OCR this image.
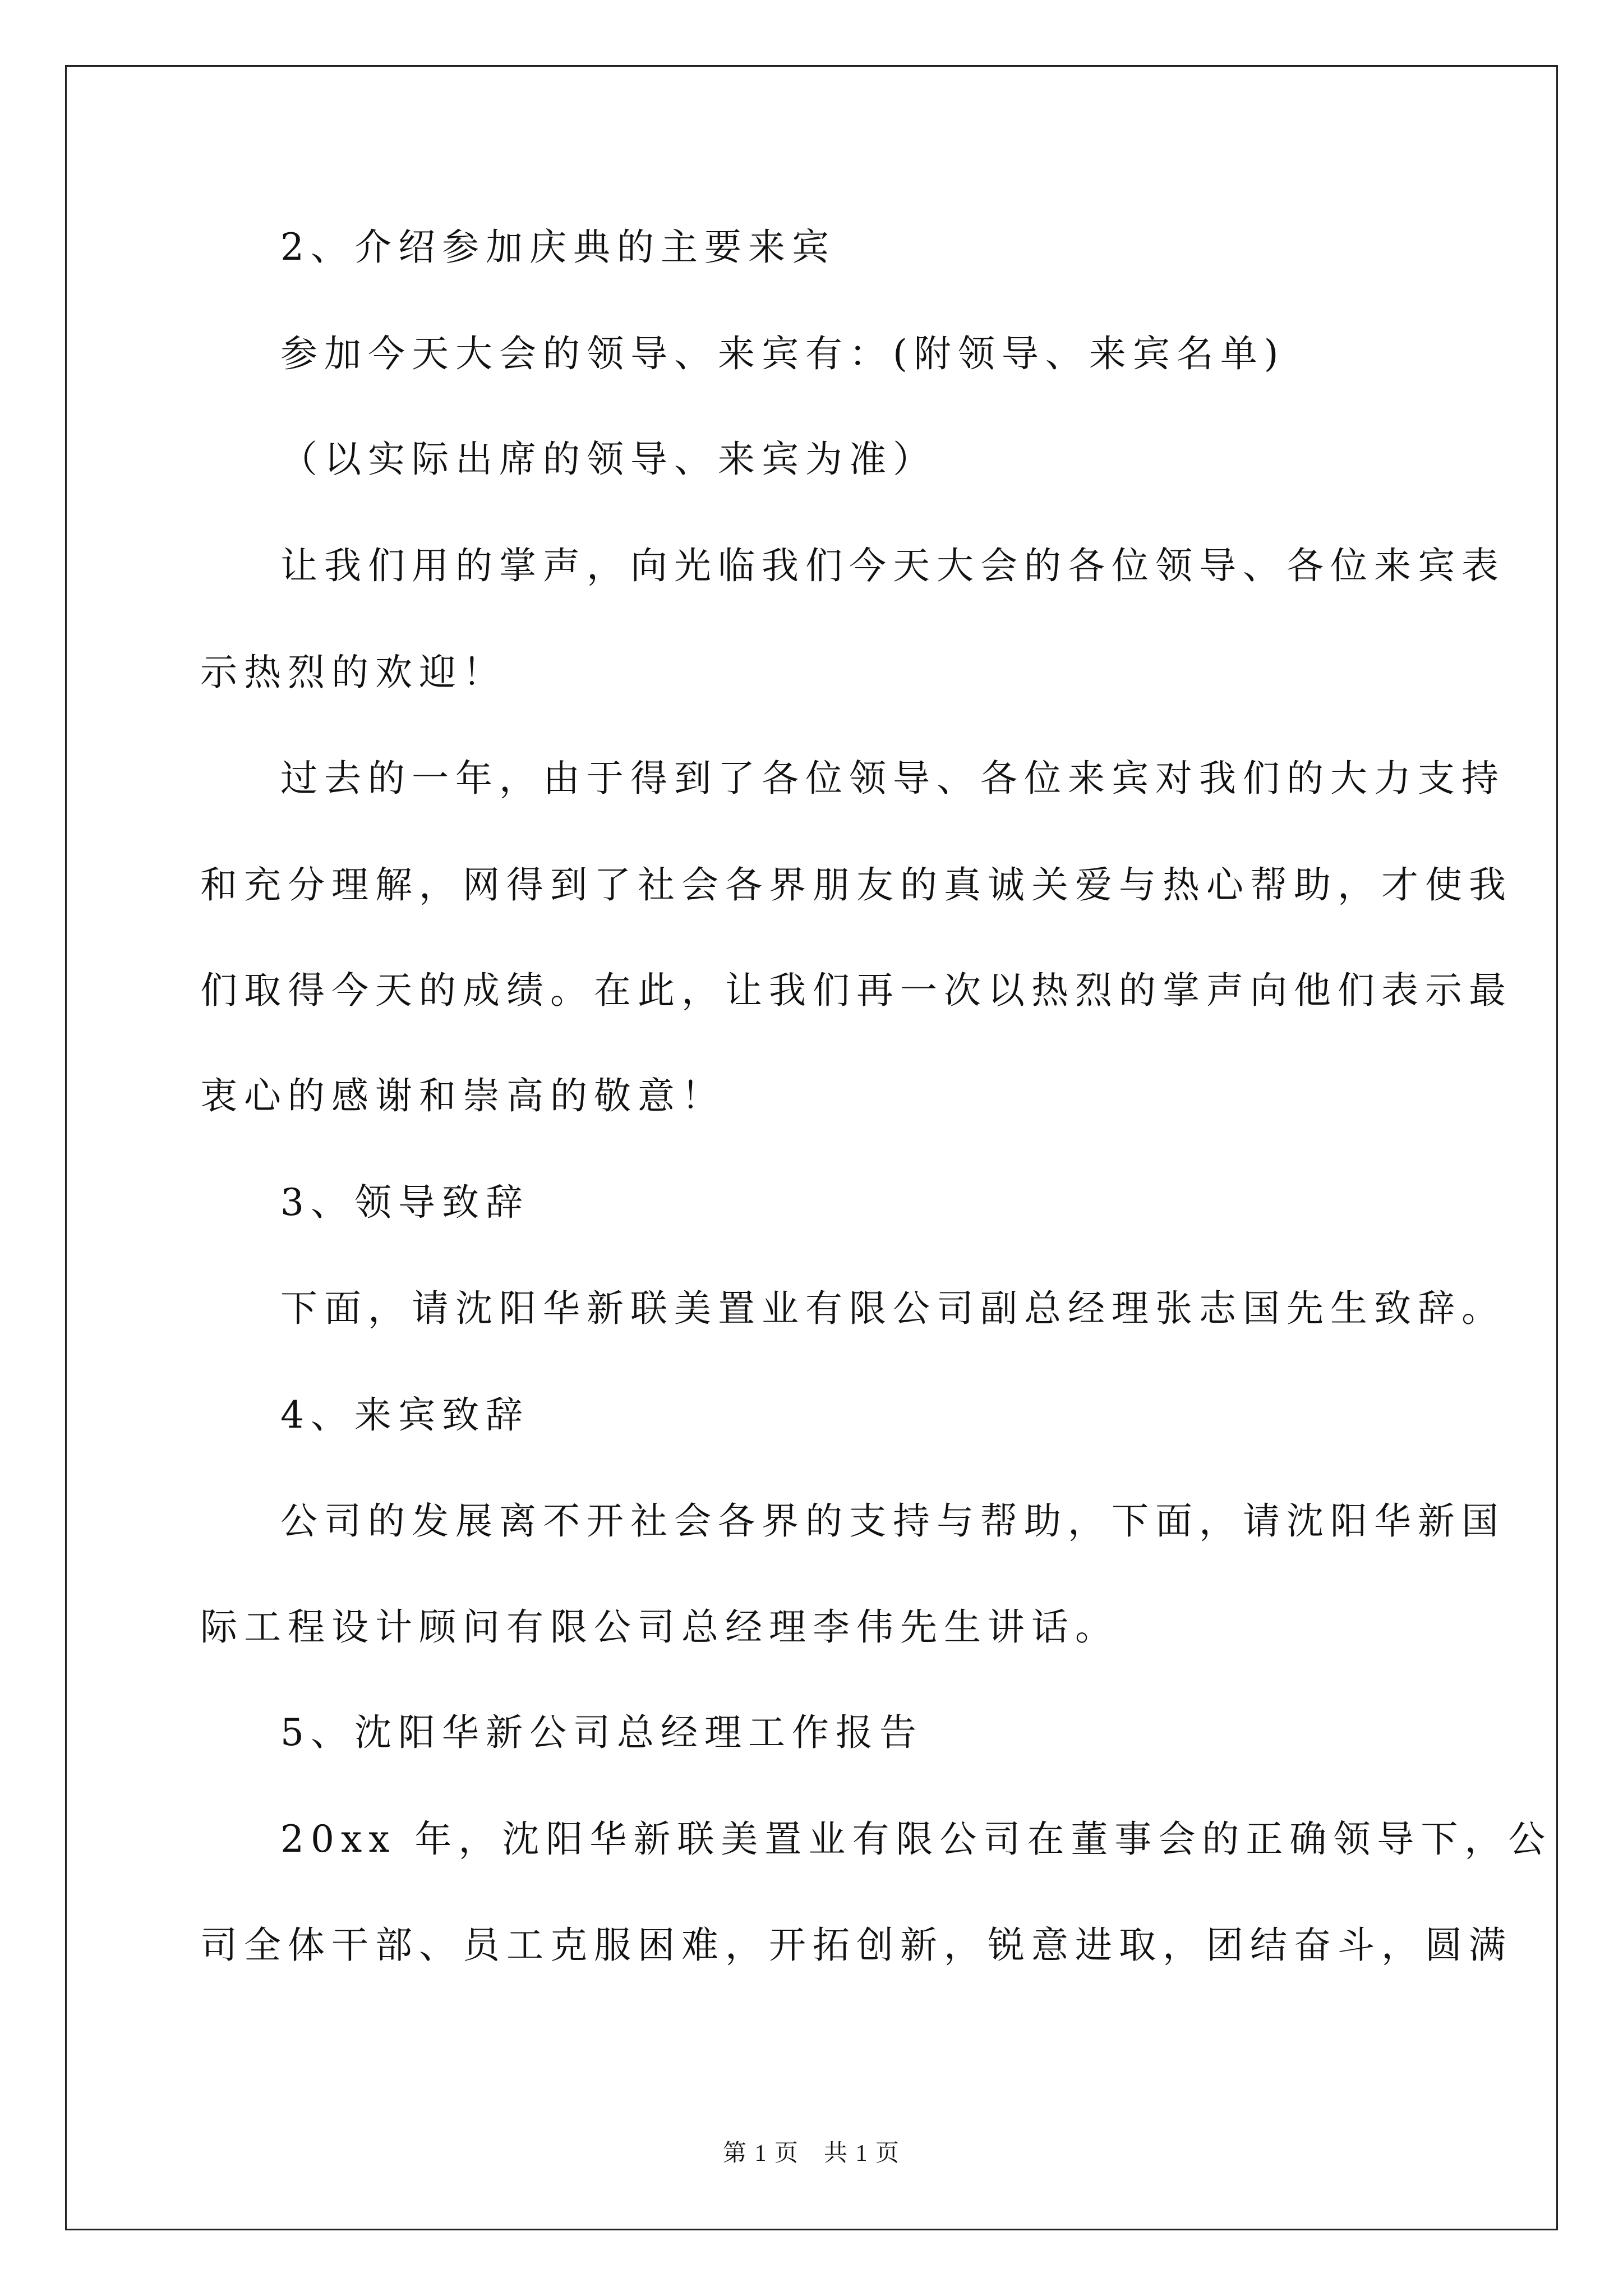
2、介绍参加庆典的主要来宾
参加今天大会的领导、来宾有：(附领导、来宾名单)
（以实际出席的领导、来宾为准）
让我们用的掌声，向光临我们今天大会的各位领导、各位来宾表
示热烈的欢迎！
过去的一年，由于得到了各位领导、各位来宾对我们的大力支持
和充分理解，网得到了社会各界朋友的真诚关爱与热心帮助，才使我
们取得今天的成绩。在此，让我们再一次以热烈的掌声向他们表示最
衷心的感谢和崇高的敬意！
3、领导致辞
下面，请沈阳华新联美置业有限公司副总经理张志国先生致辞。
4、来宾致辞
公司的发展离不开社会各界的支持与帮助，下面，请沈阳华新国
际工程设计顾问有限公司总经理李伟先生讲话。
5、沈阳华新公司总经理工作报告
20xx 年，沈阳华新联美置业有限公司在董事会的正确领导下，公
司全体干部、员工克服困难，开拓创新，锐意进取，团结奋斗，圆满
第 1 页　共 1 页
